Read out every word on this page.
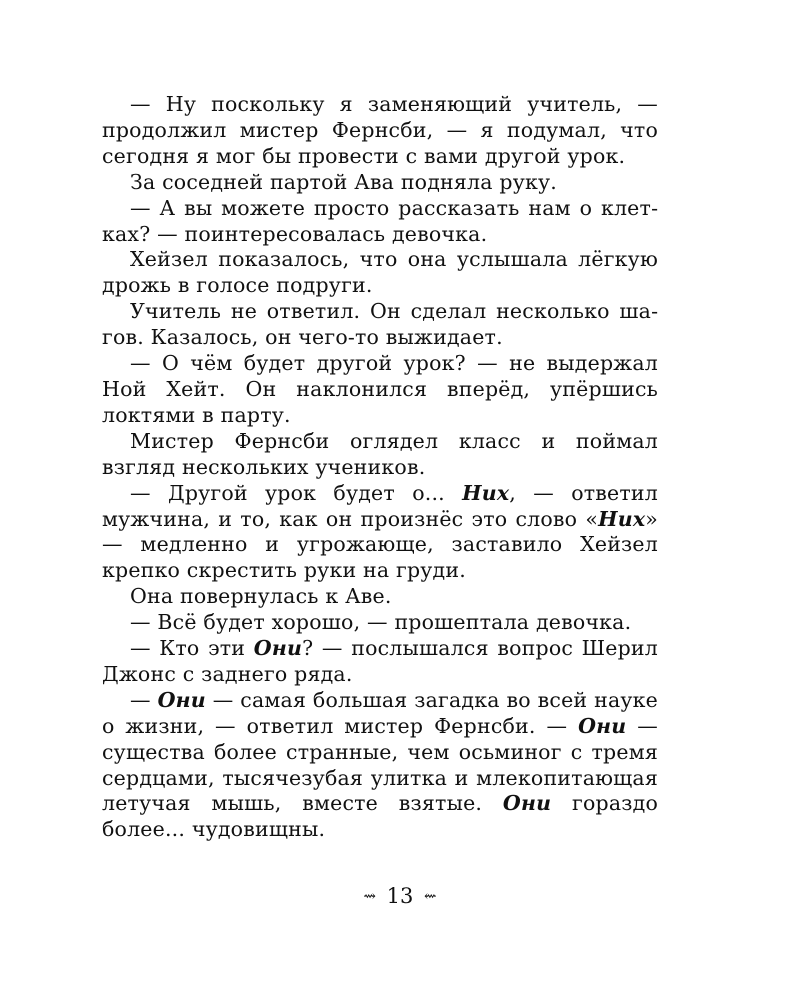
— Ну поскольку я заменяющий учитель, — продолжил мистер Фернсби, — я подумал, что сегодня я мог бы провести с вами другой урок.

За соседней партой Ава подняла руку.

— А вы можете просто рассказать нам о клетках? — поинтересовалась девочка.

Хейзел показалось, что она услышала лёгкую дрожь в голосе подруги.

Учитель не ответил. Он сделал несколько шагов. Казалось, он чего-то выжидает.

— О чём будет другой урок? — не выдержал Ной Хейт. Он наклонился вперёд, упёршись локтями в парту.

Мистер Фернсби оглядел класс и поймал взгляд нескольких учеников.

— Другой урок будет о... Них, — ответил мужчина, и то, как он произнёс это слово «Них» — медленно и угрожающе, заставило Хейзел крепко скрестить руки на груди.

Она повернулась к Аве.

— Всё будет хорошо, — прошептала девочка.

— Кто эти Они? — послышался вопрос Шерил Джонс с заднего ряда.

— Они — самая большая загадка во всей науке о жизни, — ответил мистер Фернсби. — Они — существа более странные, чем осьминог с тремя сердцами, тысячезубая улитка и млекопитающая летучая мышь, вместе взятые. Они гораздо более... чудовищны.

⇝ 13 ⇜
